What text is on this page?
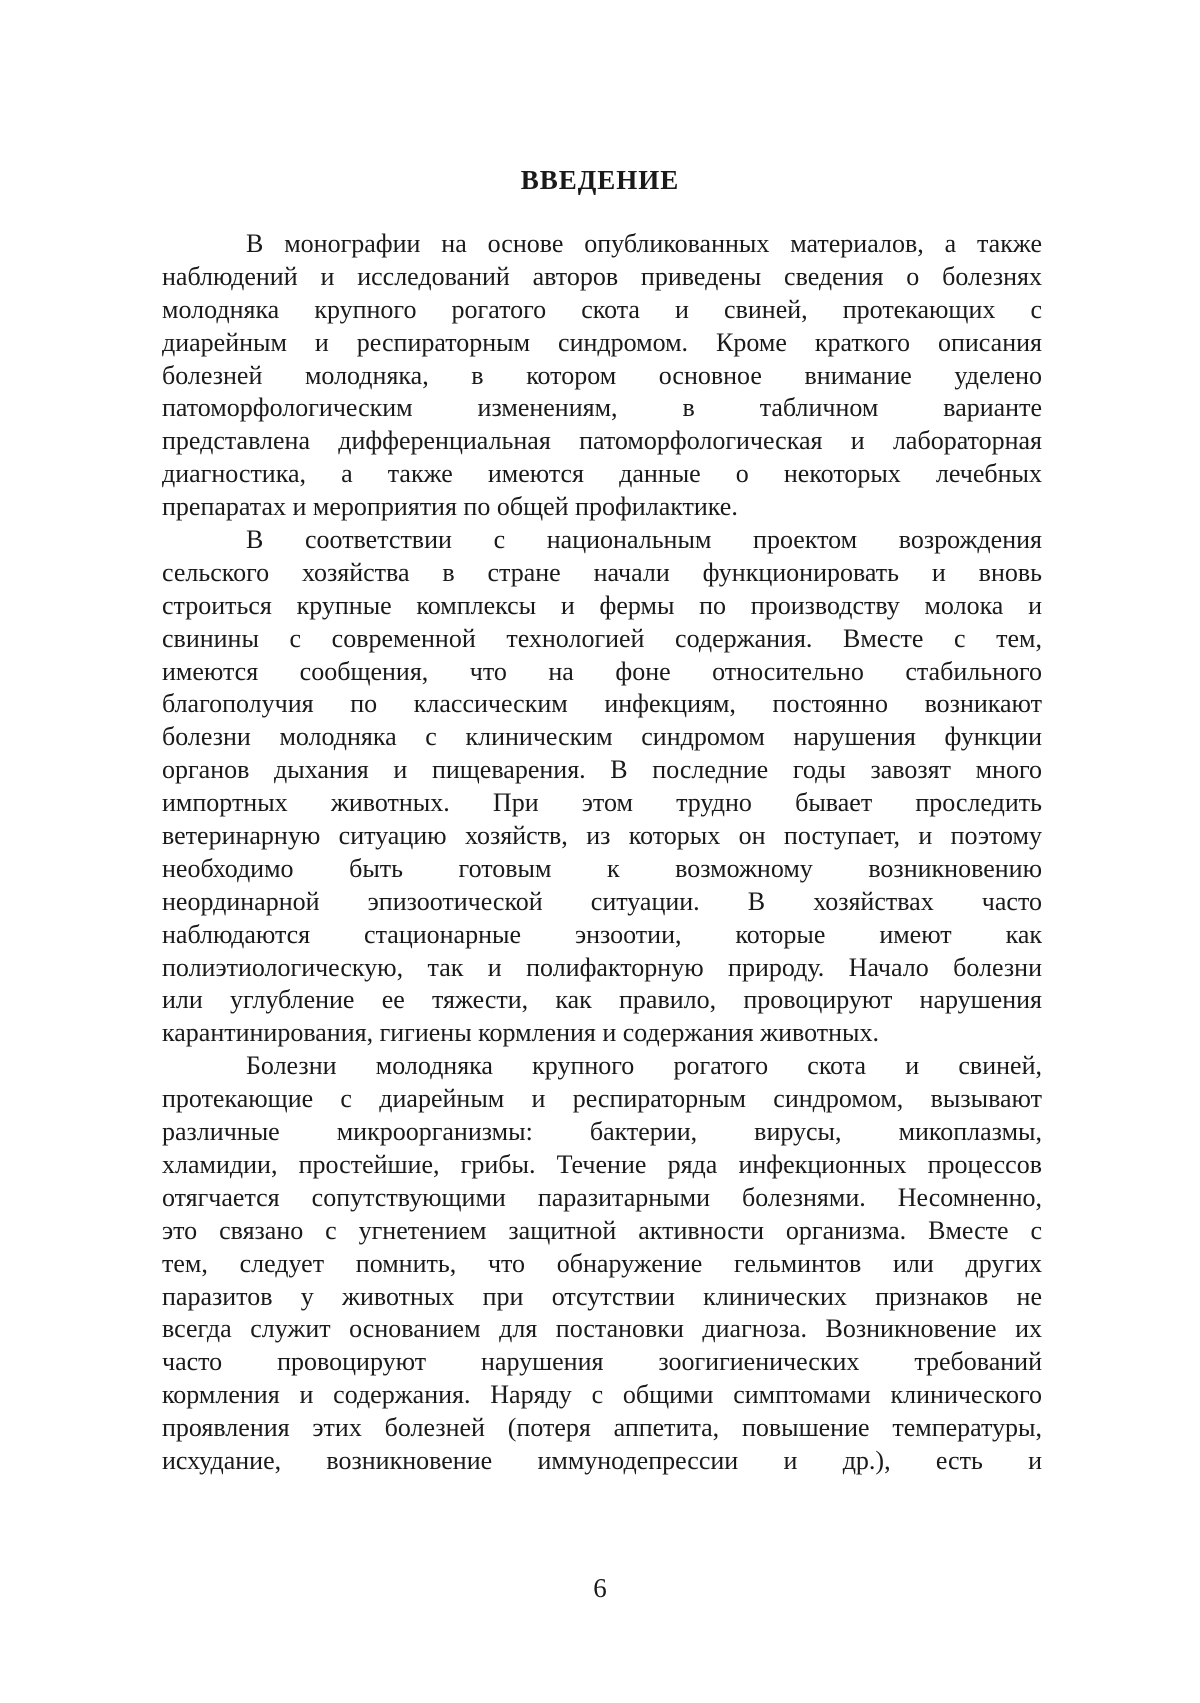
ВВЕДЕНИЕ
В монографии на основе опубликованных материалов, а также
наблюдений и исследований авторов приведены сведения о болезнях
молодняка крупного рогатого скота и свиней, протекающих с
диарейным и респираторным синдромом. Кроме краткого описания
болезней молодняка, в котором основное внимание уделено
патоморфологическим изменениям, в табличном варианте
представлена дифференциальная патоморфологическая и лабораторная
диагностика, а также имеются данные о некоторых лечебных
препаратах и мероприятия по общей профилактике.
В соответствии с национальным проектом возрождения
сельского хозяйства в стране начали функционировать и вновь
строиться крупные комплексы и фермы по производству молока и
свинины с современной технологией содержания. Вместе с тем,
имеются сообщения, что на фоне относительно стабильного
благополучия по классическим инфекциям, постоянно возникают
болезни молодняка с клиническим синдромом нарушения функции
органов дыхания и пищеварения. В последние годы завозят много
импортных животных. При этом трудно бывает проследить
ветеринарную ситуацию хозяйств, из которых он поступает, и поэтому
необходимо быть готовым к возможному возникновению
неординарной эпизоотической ситуации. В хозяйствах часто
наблюдаются стационарные энзоотии, которые имеют как
полиэтиологическую, так и полифакторную природу. Начало болезни
или углубление ее тяжести, как правило, провоцируют нарушения
карантинирования, гигиены кормления и содержания животных.
Болезни молодняка крупного рогатого скота и свиней,
протекающие с диарейным и респираторным синдромом, вызывают
различные микроорганизмы: бактерии, вирусы, микоплазмы,
хламидии, простейшие, грибы. Течение ряда инфекционных процессов
отягчается сопутствующими паразитарными болезнями. Несомненно,
это связано с угнетением защитной активности организма. Вместе с
тем, следует помнить, что обнаружение гельминтов или других
паразитов у животных при отсутствии клинических признаков не
всегда служит основанием для постановки диагноза. Возникновение их
часто провоцируют нарушения зоогигиенических требований
кормления и содержания. Наряду с общими симптомами клинического
проявления этих болезней (потеря аппетита, повышение температуры,
исхудание, возникновение иммунодепрессии и др.), есть и
6
